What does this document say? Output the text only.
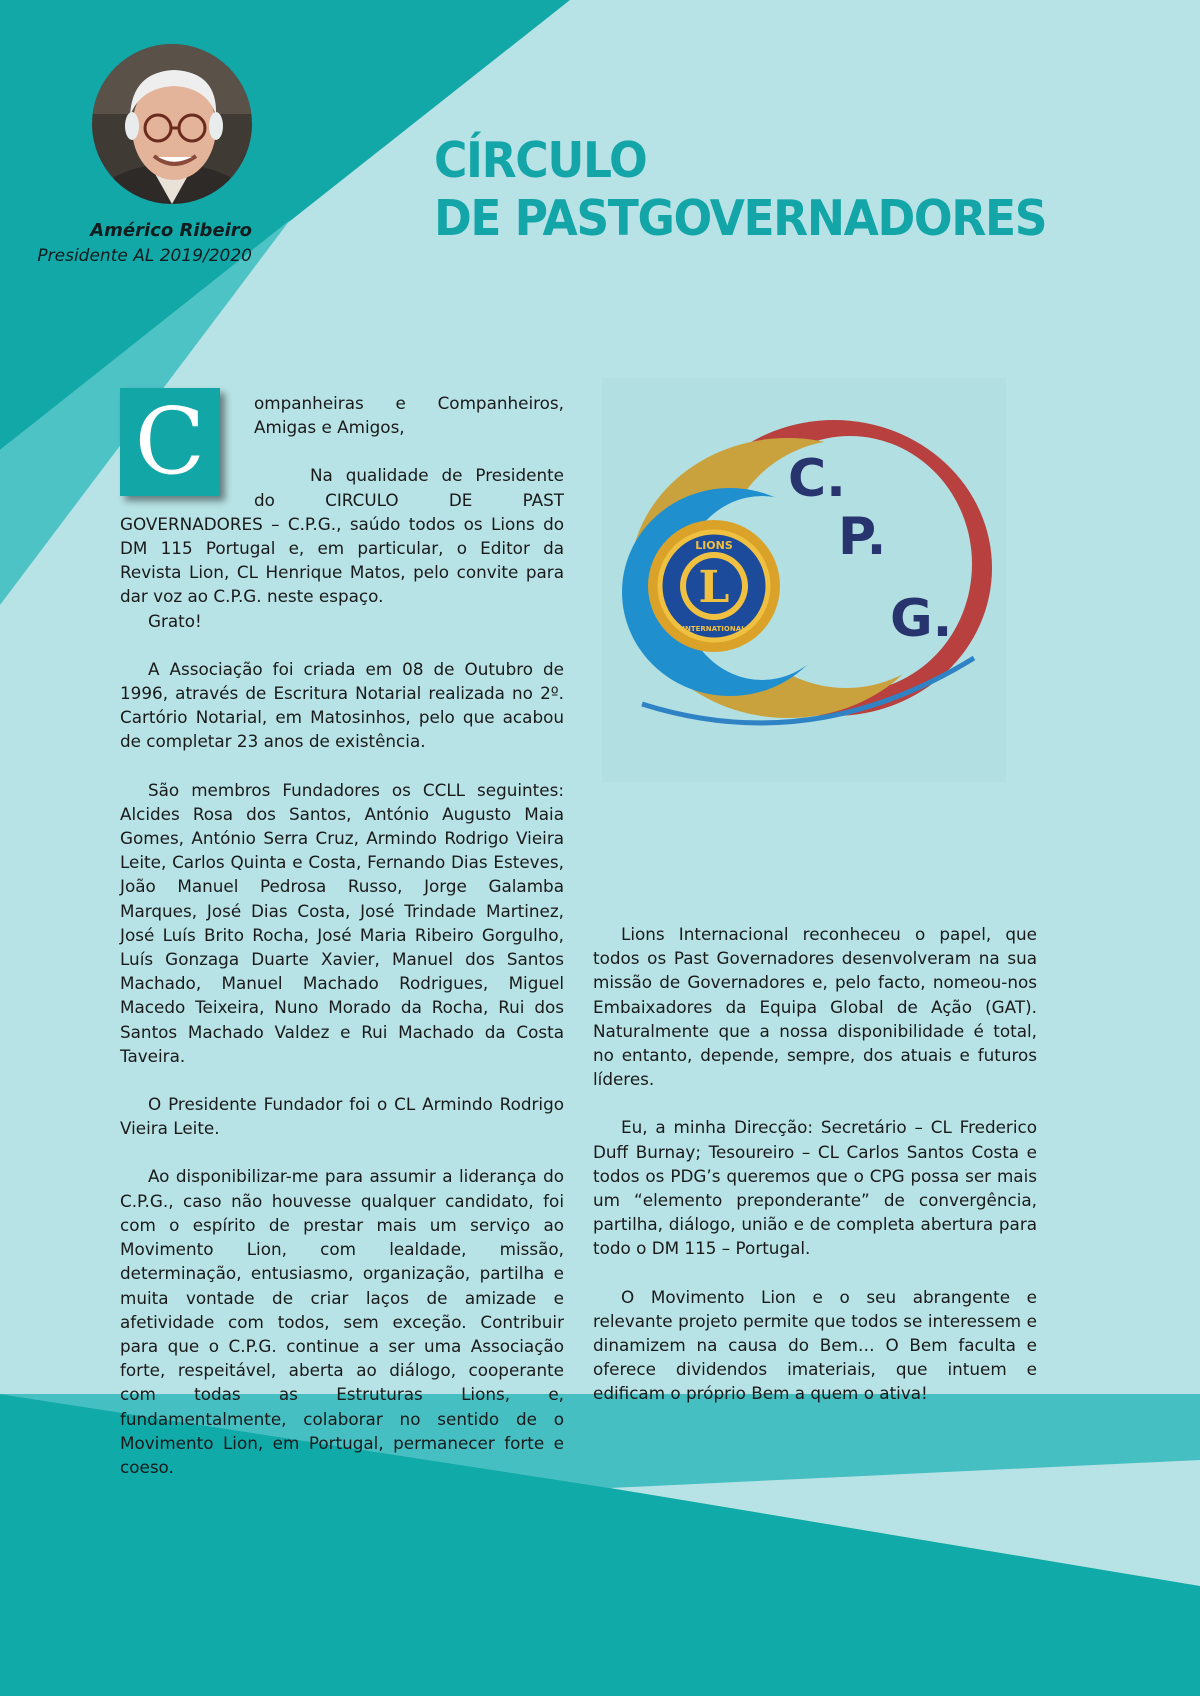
Américo Ribeiro

Presidente AL 2019/2020

CÍRCULO
DE PASTGOVERNADORES
C	ompanheiras e Companheiros, Amigas e Amigos,

Na qualidade de Presidente do CIRCULO DE PAST GOVERNADORES – C.P.G., saúdo todos os Lions do DM 115 Portugal e, em particular, o Editor da Revista Lion, CL Henrique Matos, pelo convite para dar voz ao C.P.G. neste espaço.

Grato!

A Associação foi criada em 08 de Outubro de 1996, através de Escritura Notarial realizada no 2º. Cartório Notarial, em Matosinhos, pelo que acabou de completar 23 anos de existência.

São membros Fundadores os CCLL seguintes: Alcides Rosa dos Santos, António Augusto Maia Gomes, António Serra Cruz, Armindo Rodrigo Vieira Leite, Carlos Quinta e Costa, Fernando Dias Esteves, João Manuel Pedrosa Russo, Jorge Galamba Marques, José Dias Costa, José Trindade Martinez, José Luís Brito Rocha, José Maria Ribeiro Gorgulho, Luís Gonzaga Duarte Xavier, Manuel dos Santos Machado, Manuel Machado Rodrigues, Miguel Macedo Teixeira, Nuno Morado da Rocha, Rui dos Santos Machado Valdez e Rui Machado da Costa Taveira.

O Presidente Fundador foi o CL Armindo Rodrigo Vieira Leite.

Ao disponibilizar-me para assumir a liderança do C.P.G., caso não houvesse qualquer candidato, foi com o espírito de prestar mais um serviço ao Movimento Lion, com lealdade, missão, determinação, entusiasmo, organização, partilha e muita vontade de criar laços de amizade e afetividade com todos, sem exceção. Contribuir para que o C.P.G. continue a ser uma Associação forte, respeitável, aberta ao diálogo, cooperante com todas as Estruturas Lions, e, fundamentalmente, colaborar no sentido de o Movimento Lion, em Portugal, permanecer forte e coeso.

LIONS
INTERNATIONAL
L
C.
P.
G.

Lions Internacional reconheceu o papel, que todos os Past Governadores desenvolveram na sua missão de Governadores e, pelo facto, nomeou-nos Embaixadores da Equipa Global de Ação (GAT). Naturalmente que a nossa disponibilidade é total, no entanto, depende, sempre, dos atuais e futuros líderes.

Eu, a minha Direcção: Secretário – CL Frederico Duff Burnay; Tesoureiro – CL Carlos Santos Costa e todos os PDG’s queremos que o CPG possa ser mais um “elemento preponderante” de convergência, partilha, diálogo, união e de completa abertura para todo o DM 115 – Portugal.

O Movimento Lion e o seu abrangente e relevante projeto permite que todos se interessem e dinamizem na causa do Bem… O Bem faculta e oferece dividendos imateriais, que intuem e edificam o próprio Bem a quem o ativa!
